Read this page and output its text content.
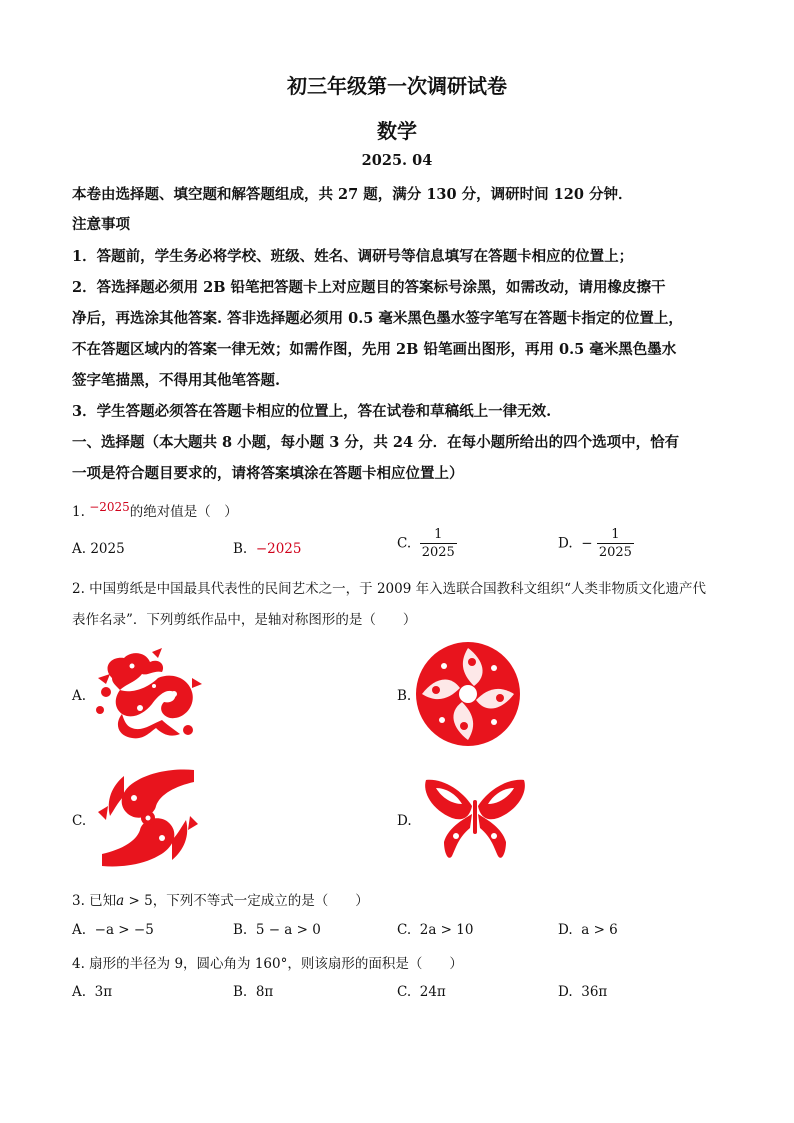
初三年级第一次调研试卷
数学
2025. 04
本卷由选择题、填空题和解答题组成，共 27 题，满分 130 分，调研时间 120 分钟．
注意事项
1．答题前，学生务必将学校、班级、姓名、调研号等信息填写在答题卡相应的位置上；
2．答选择题必须用 2B 铅笔把答题卡上对应题目的答案标号涂黑，如需改动，请用橡皮擦干
净后，再选涂其他答案. 答非选择题必须用 0.5 毫米黑色墨水签字笔写在答题卡指定的位置上，
不在答题区域内的答案一律无效；如需作图，先用 2B 铅笔画出图形，再用 0.5 毫米黑色墨水
签字笔描黑，不得用其他笔答题.
3．学生答题必须答在答题卡相应的位置上，答在试卷和草稿纸上一律无效.
一、选择题（本大题共 8 小题，每小题 3 分，共 24 分．在每小题所给出的四个选项中，恰有
一项是符合题目要求的，请将答案填涂在答题卡相应位置上）
1. −2025的绝对值是（　）
A. 2025	B. −2025	C. $\frac{1}{2025}$	D. − $\frac{1}{2025}$
2. 中国剪纸是中国最具代表性的民间艺术之一，于 2009 年入选联合国教科文组织“人类非物质文化遗产代
表作名录”．下列剪纸作品中，是轴对称图形的是（　　）
A.	B.
C.	D.
3. 已知a > 5，下列不等式一定成立的是（　　）
A. −a > −5	B. 5 − a > 0	C. 2a > 10	D. a > 6
4. 扇形的半径为 9，圆心角为 160°，则该扇形的面积是（　　）
A. 3π	B. 8π	C. 24π	D. 36π
